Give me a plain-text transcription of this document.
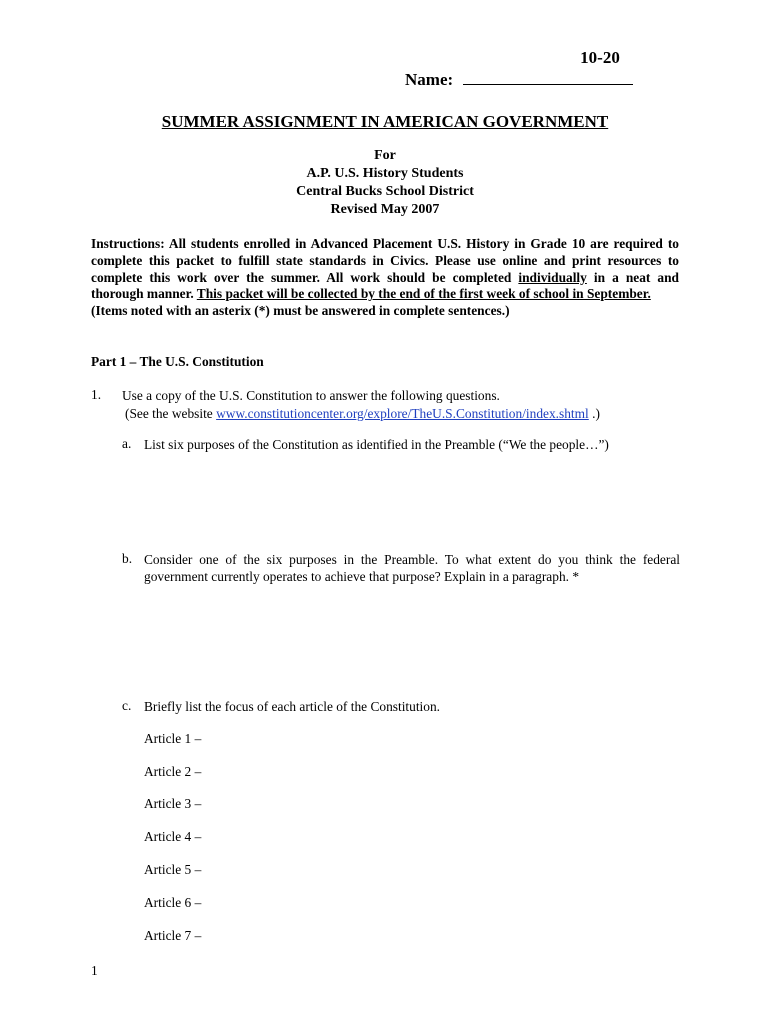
10-20
Name:
SUMMER ASSIGNMENT IN AMERICAN GOVERNMENT
For
A.P. U.S. History Students
Central Bucks School District
Revised May 2007
Instructions: All students enrolled in Advanced Placement U.S. History in Grade 10 are required to complete this packet to fulfill state standards in Civics. Please use online and print resources to complete this work over the summer. All work should be completed individually in a neat and thorough manner. This packet will be collected by the end of the first week of school in September.
(Items noted with an asterix (*) must be answered in complete sentences.)
Part 1 – The U.S. Constitution
1. Use a copy of the U.S. Constitution to answer the following questions.
(See the website www.constitutioncenter.org/explore/TheU.S.Constitution/index.shtml .)
a. List six purposes of the Constitution as identified in the Preamble (“We the people…”)
b. Consider one of the six purposes in the Preamble. To what extent do you think the federal government currently operates to achieve that purpose? Explain in a paragraph. *
c. Briefly list the focus of each article of the Constitution.
Article 1 –
Article 2 –
Article 3 –
Article 4 –
Article 5 –
Article 6 –
Article 7 –
1
